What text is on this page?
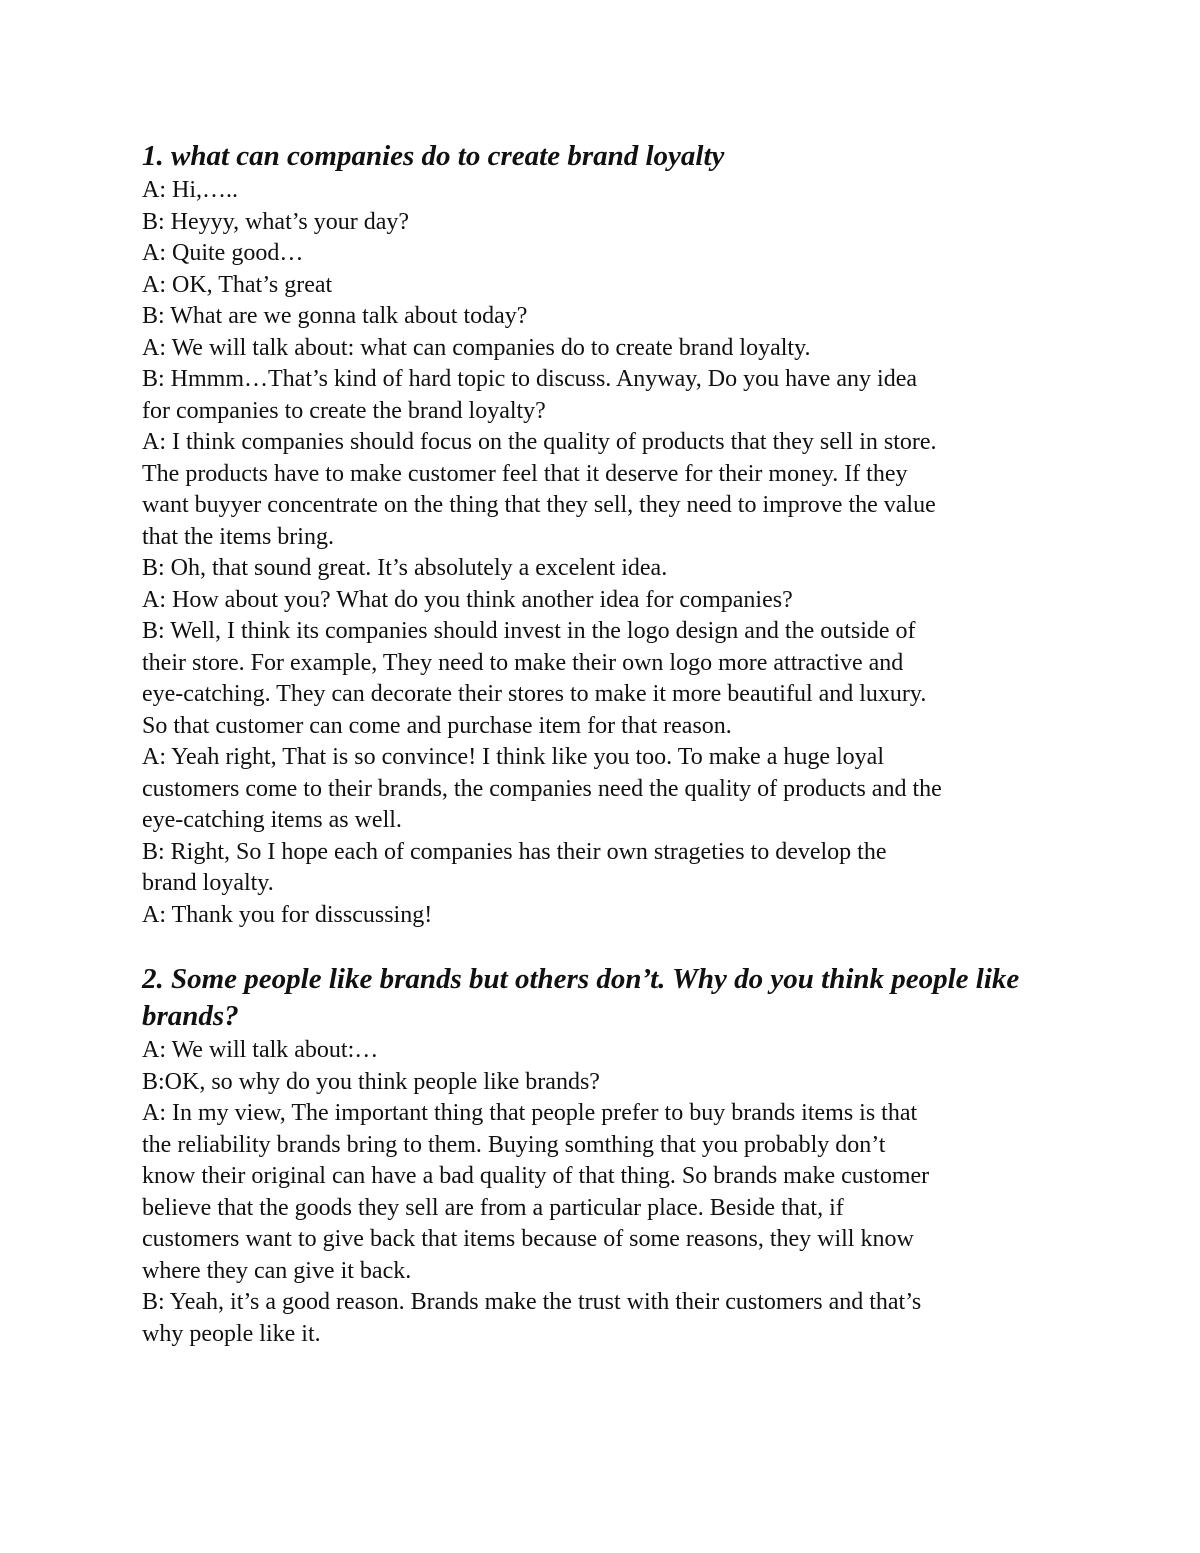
1. what can companies do to create brand loyalty

A: Hi,…..

B: Heyyy, what’s your day?

A: Quite good…

A: OK, That’s great

B: What are we gonna talk about today?

A: We will talk about: what can companies do to create brand loyalty.

B: Hmmm…That’s kind of hard topic to discuss. Anyway, Do you have any idea

for companies to create the brand loyalty?

A: I think companies should focus on the quality of products that they sell in store.

The products have to make customer feel that it deserve for their money. If they

want buyyer concentrate on the thing that they sell, they need to improve the value

that the items bring.

B: Oh, that sound great. It’s absolutely a excelent idea.

A: How about you? What do you think another idea for companies?

B: Well, I think its companies should invest in the logo design and the outside of

their store. For example, They need to make their own logo more attractive and

eye-catching. They can decorate their stores to make it more beautiful and luxury.

So that customer can come and purchase item for that reason.

A: Yeah right, That is so convince! I think like you too. To make a huge loyal

customers come to their brands, the companies need the quality of products and the

eye-catching items as well.

B: Right, So I hope each of companies has their own strageties to develop the

brand loyalty.

A: Thank you for disscussing!

2. Some people like brands but others don’t. Why do you think people like brands?

A: We will talk about:…

B:OK, so why do you think people like brands?

A: In my view, The important thing that people prefer to buy brands items is that

the reliability brands bring to them. Buying somthing that you probably don’t

know their original can have a bad quality of that thing. So brands make customer

believe that the goods they sell are from a particular place. Beside that, if

customers want to give back that items because of some reasons, they will know

where they can give it back.

B: Yeah, it’s a good reason. Brands make the trust with their customers and that’s

why people like it.
